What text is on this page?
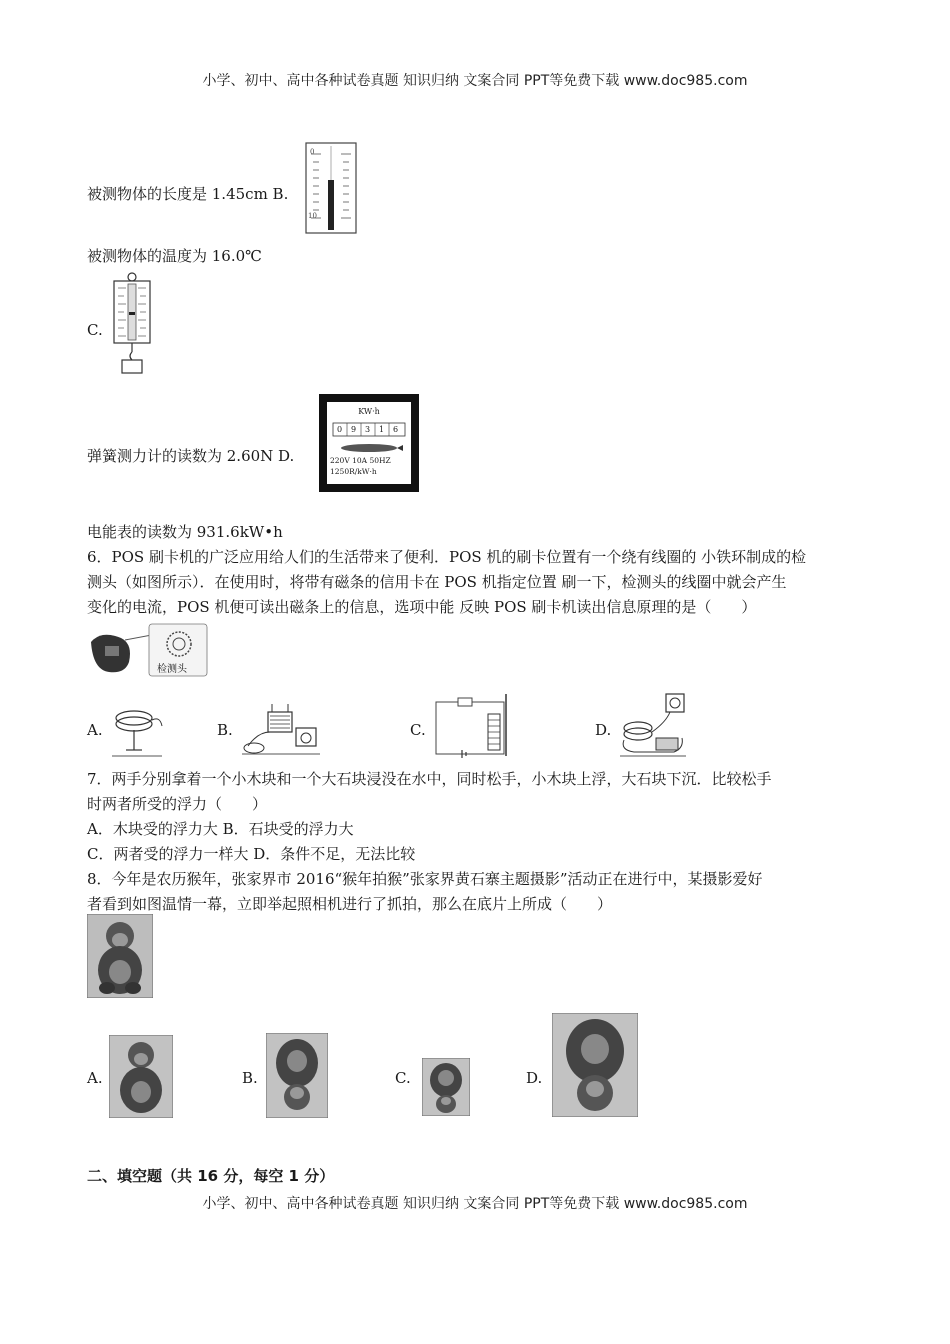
小学、初中、高中各种试卷真题 知识归纳 文案合同 PPT等免费下载 www.doc985.com
被测物体的长度是 1.45cm B.
0
10
被测物体的温度为 16.0℃
C.
弹簧测力计的读数为 2.60N D.
KW·h
0 9 3 1 6
220V 10A 50HZ
1250R/kW·h
电能表的读数为 931.6kW•h
6．POS 刷卡机的广泛应用给人们的生活带来了便利．POS 机的刷卡位置有一个绕有线圈的 小铁环制成的检
测头（如图所示）．在使用时，将带有磁条的信用卡在 POS 机指定位置 刷一下，检测头的线圈中就会产生
变化的电流，POS 机便可读出磁条上的信息，选项中能 反映 POS 刷卡机读出信息原理的是（　　）
检测头
A.	B.	C.	D.
7．两手分别拿着一个小木块和一个大石块浸没在水中，同时松手，小木块上浮，大石块下沉．比较松手
时两者所受的浮力（　　）
A．木块受的浮力大 B．石块受的浮力大
C．两者受的浮力一样大 D．条件不足，无法比较
8．今年是农历猴年，张家界市 2016“猴年拍猴”张家界黄石寨主题摄影”活动正在进行中，某摄影爱好
者看到如图温情一幕，立即举起照相机进行了抓拍，那么在底片上所成（　　）
A.	B.	C.	D.
二、填空题（共 16 分，每空 1 分）
小学、初中、高中各种试卷真题 知识归纳 文案合同 PPT等免费下载 www.doc985.com
